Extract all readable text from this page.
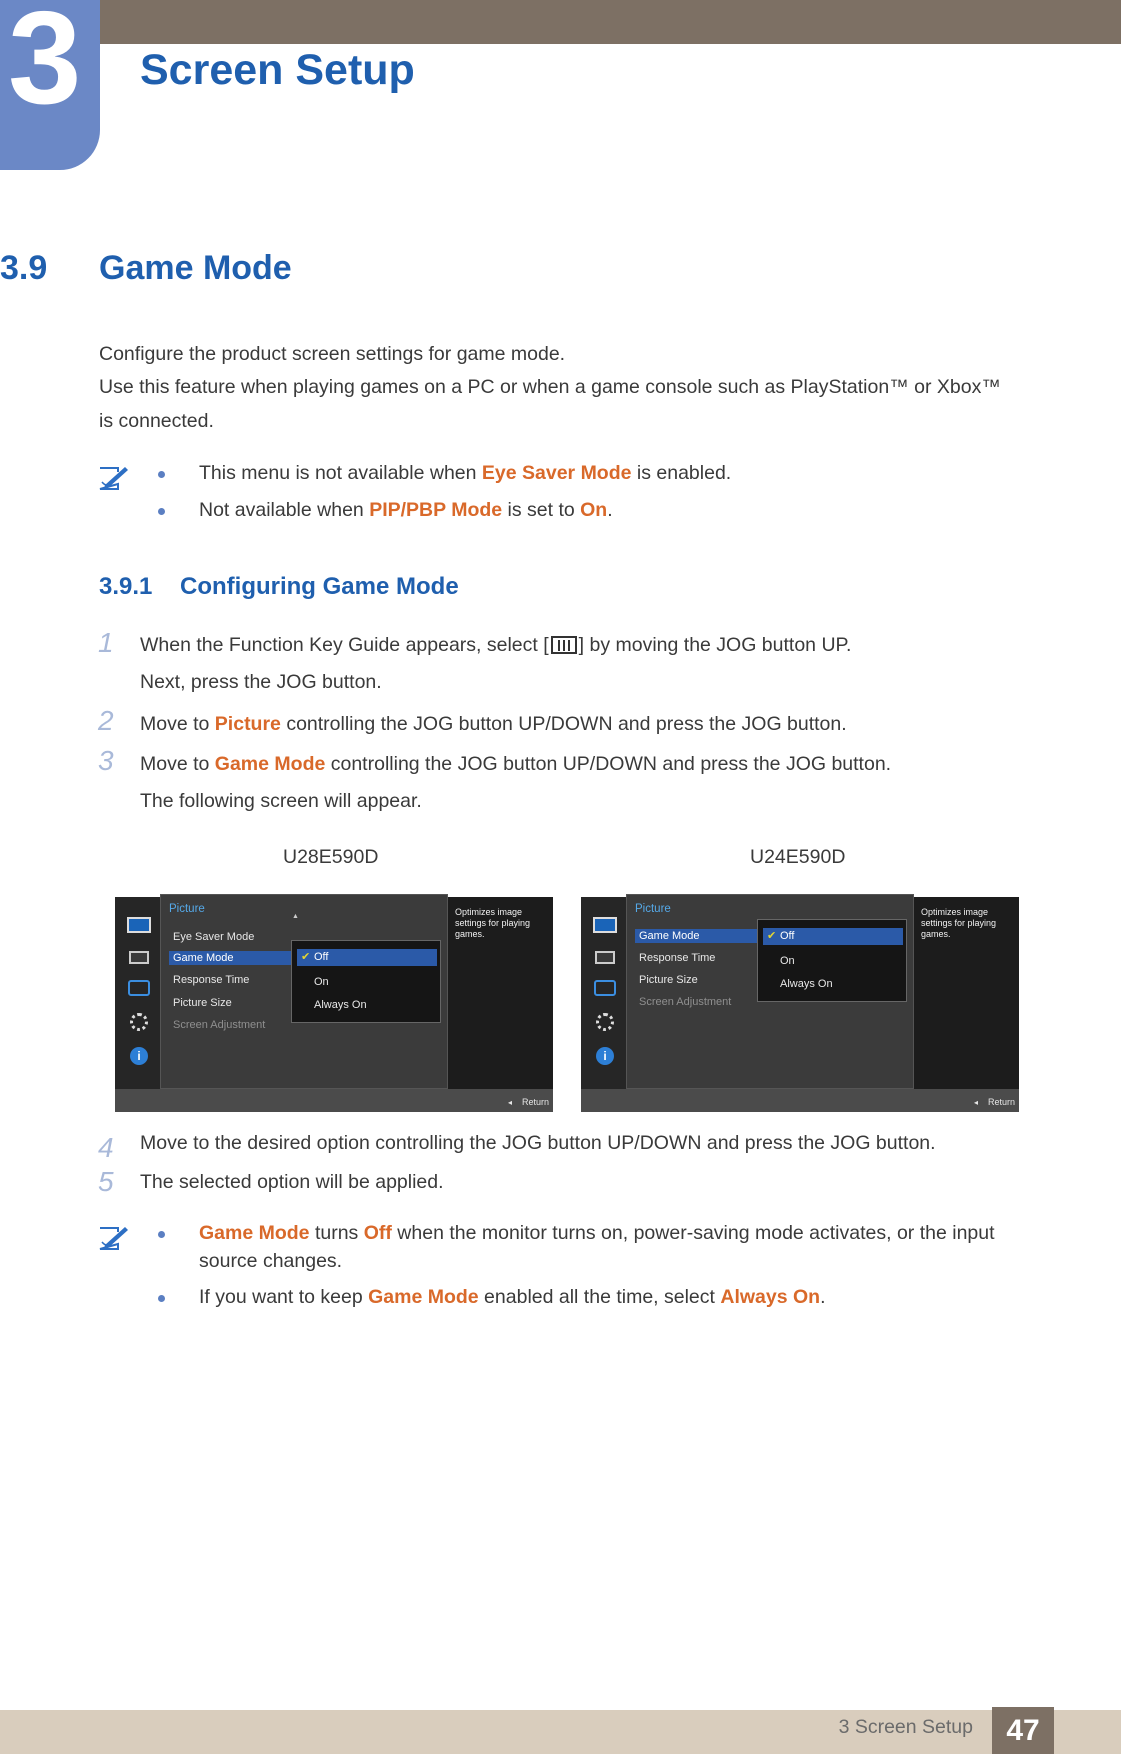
3 Screen Setup
3.9 Game Mode
Configure the product screen settings for game mode.
Use this feature when playing games on a PC or when a game console such as PlayStation™ or Xbox™
is connected.
This menu is not available when Eye Saver Mode is enabled.
Not available when PIP/PBP Mode is set to On.
3.9.1 Configuring Game Mode
1 When the Function Key Guide appears, select [ ] by moving the JOG button UP.
Next, press the JOG button.
2 Move to Picture controlling the JOG button UP/DOWN and press the JOG button.
3 Move to Game Mode controlling the JOG button UP/DOWN and press the JOG button.
The following screen will appear.
U28E590D	U24E590D
i
Picture
▲
Eye Saver Mode
Game Mode
Response Time
Picture Size
Screen Adjustment
✔ Off
On
Always On
Optimizes image settings for playing games.
◂ Return
i
Picture
Game Mode
Response Time
Picture Size
Screen Adjustment
✔ Off
On
Always On
Optimizes image settings for playing games.
◂ Return
4 Move to the desired option controlling the JOG button UP/DOWN and press the JOG button.
5 The selected option will be applied.
Game Mode turns Off when the monitor turns on, power-saving mode activates, or the input source changes.
If you want to keep Game Mode enabled all the time, select Always On.
3 Screen Setup	47
